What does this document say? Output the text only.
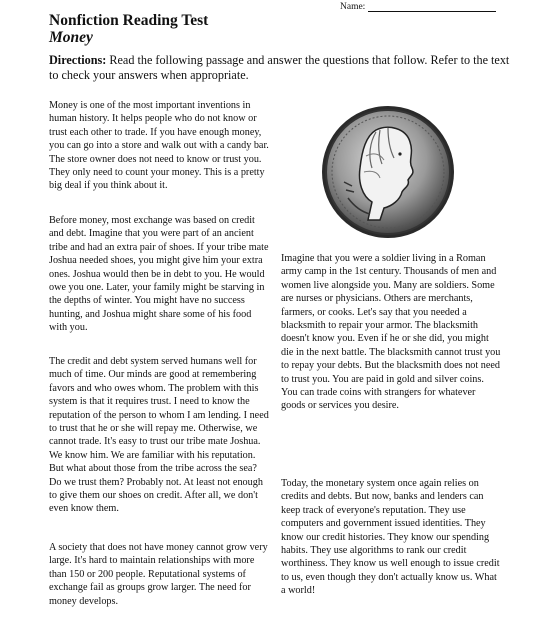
Name:
Nonfiction Reading Test
Money
Directions: Read the following passage and answer the questions that follow. Refer to the text to check your answers when appropriate.

Money is one of the most important inventions in human history. It helps people who do not know or trust each other to trade. If you have enough money, you can go into a store and walk out with a candy bar. The store owner does not need to know or trust you. They only need to count your money. This is a pretty big deal if you think about it.

Before money, most exchange was based on credit and debt. Imagine that you were part of an ancient tribe and had an extra pair of shoes. If your tribe mate Joshua needed shoes, you might give him your extra ones. Joshua would then be in debt to you. He would owe you one. Later, your family might be starving in the depths of winter. You might have no success hunting, and Joshua might share some of his food with you.

The credit and debt system served humans well for much of time. Our minds are good at remembering favors and who owes whom. The problem with this system is that it requires trust. I need to know the reputation of the person to whom I am lending. I need to trust that he or she will repay me. Otherwise, we cannot trade. It's easy to trust our tribe mate Joshua. We know him. We are familiar with his reputation. But what about those from the tribe across the sea? Do we trust them? Probably not. At least not enough to give them our shoes on credit. After all, we don't even know them.

A society that does not have money cannot grow very large. It's hard to maintain relationships with more than 150 or 200 people. Reputational systems of exchange fail as groups grow larger. The need for money develops.

Imagine that you were a soldier living in a Roman army camp in the 1st century. Thousands of men and women live alongside you. Many are soldiers. Some are nurses or physicians. Others are merchants, farmers, or cooks. Let's say that you needed a blacksmith to repair your armor. The blacksmith doesn't know you. Even if he or she did, you might die in the next battle. The blacksmith cannot trust you to repay your debts. But the blacksmith does not need to trust you. You are paid in gold and silver coins. You can trade coins with strangers for whatever goods or services you desire.

Today, the monetary system once again relies on credits and debts. But now, banks and lenders can keep track of everyone's reputation. They use computers and government issued identities. They know our credit histories. They know our spending habits. They use algorithms to rank our credit worthiness. They know us well enough to issue credit to us, even though they don't actually know us. What a world!
